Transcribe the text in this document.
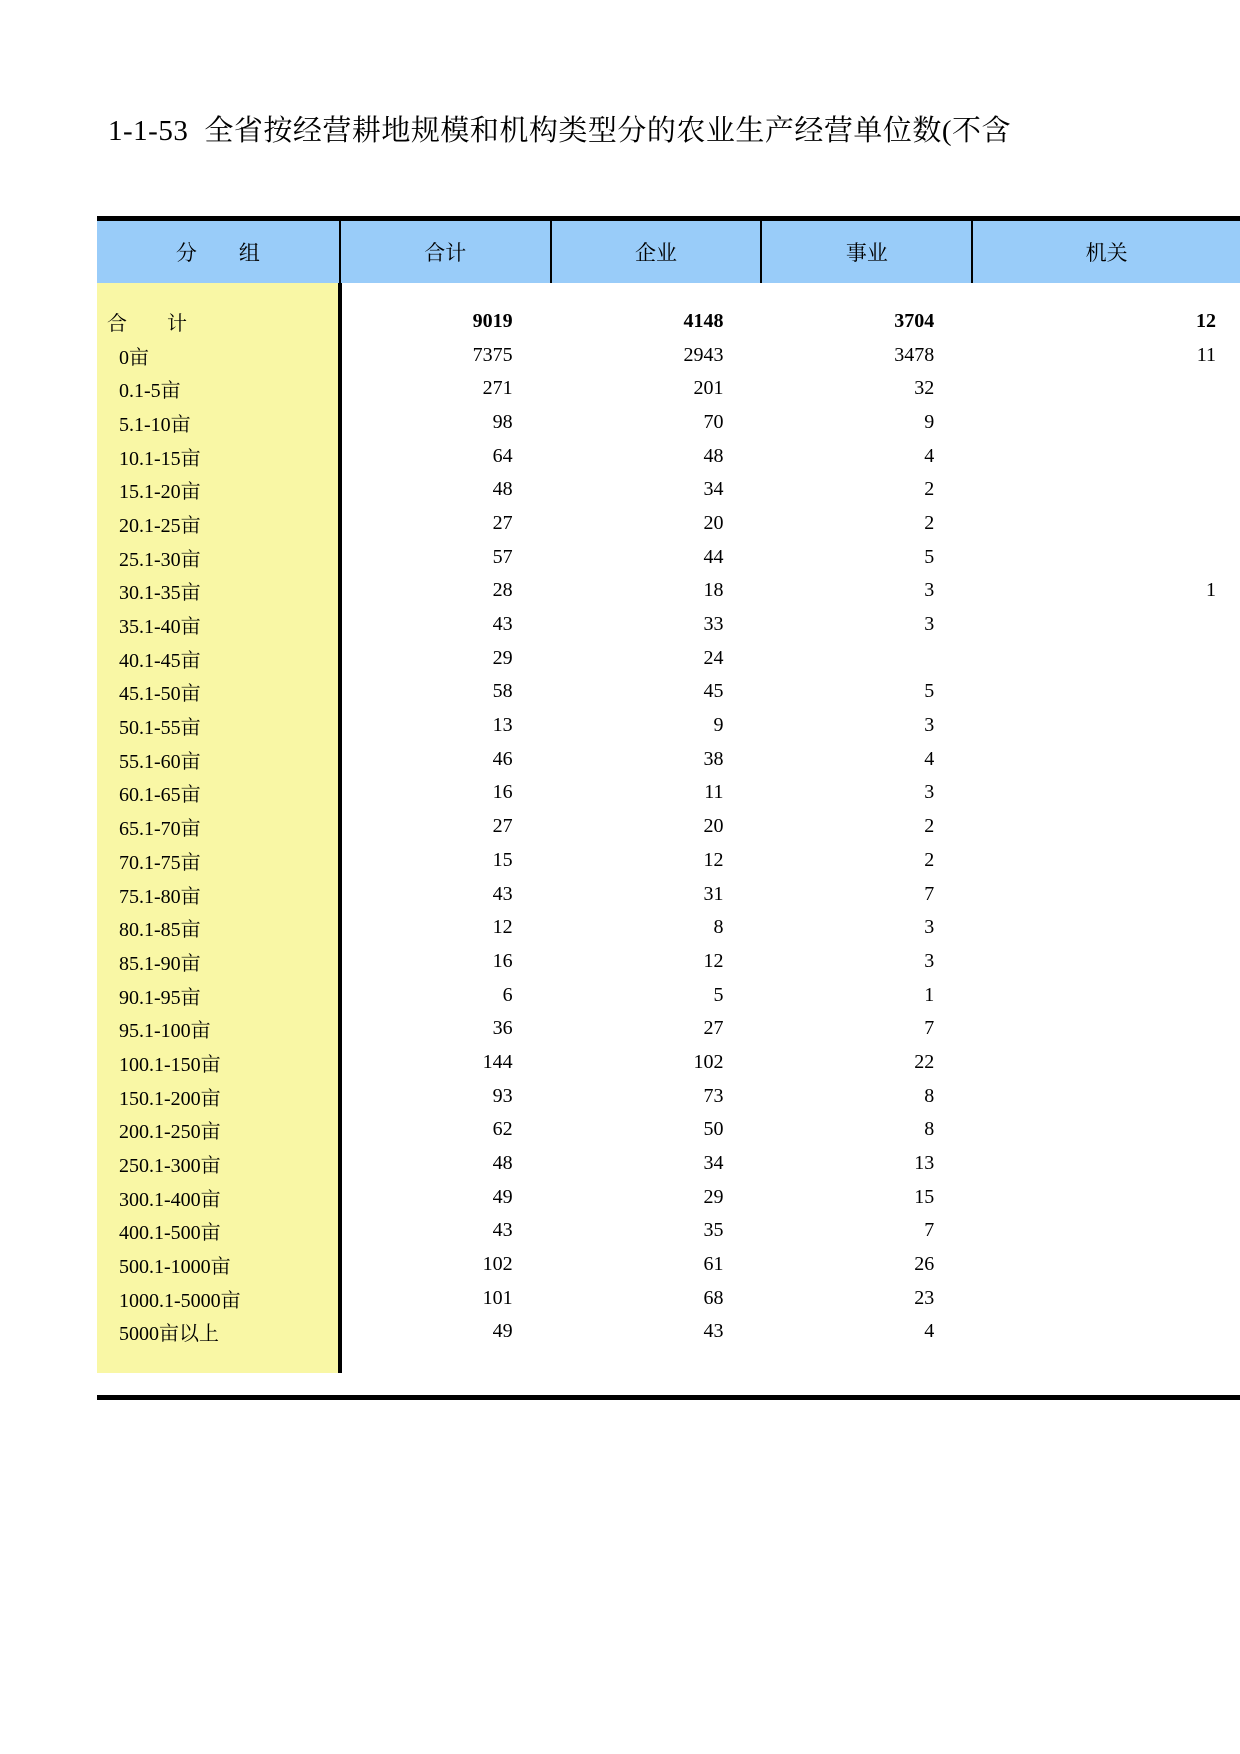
1-1-53 全省按经营耕地规模和机构类型分的农业生产经营单位数(不含
分　　组	合计	企业	事业	机关

合　　计	9019	4148	3704	12
0亩	7375	2943	3478	11
0.1-5亩	271	201	32	
5.1-10亩	98	70	9	
10.1-15亩	64	48	4	
15.1-20亩	48	34	2	
20.1-25亩	27	20	2	
25.1-30亩	57	44	5	
30.1-35亩	28	18	3	1
35.1-40亩	43	33	3	
40.1-45亩	29	24		
45.1-50亩	58	45	5	
50.1-55亩	13	9	3	
55.1-60亩	46	38	4	
60.1-65亩	16	11	3	
65.1-70亩	27	20	2	
70.1-75亩	15	12	2	
75.1-80亩	43	31	7	
80.1-85亩	12	8	3	
85.1-90亩	16	12	3	
90.1-95亩	6	5	1	
95.1-100亩	36	27	7	
100.1-150亩	144	102	22	
150.1-200亩	93	73	8	
200.1-250亩	62	50	8	
250.1-300亩	48	34	13	
300.1-400亩	49	29	15	
400.1-500亩	43	35	7	
500.1-1000亩	102	61	26	
1000.1-5000亩	101	68	23	
5000亩以上	49	43	4	
